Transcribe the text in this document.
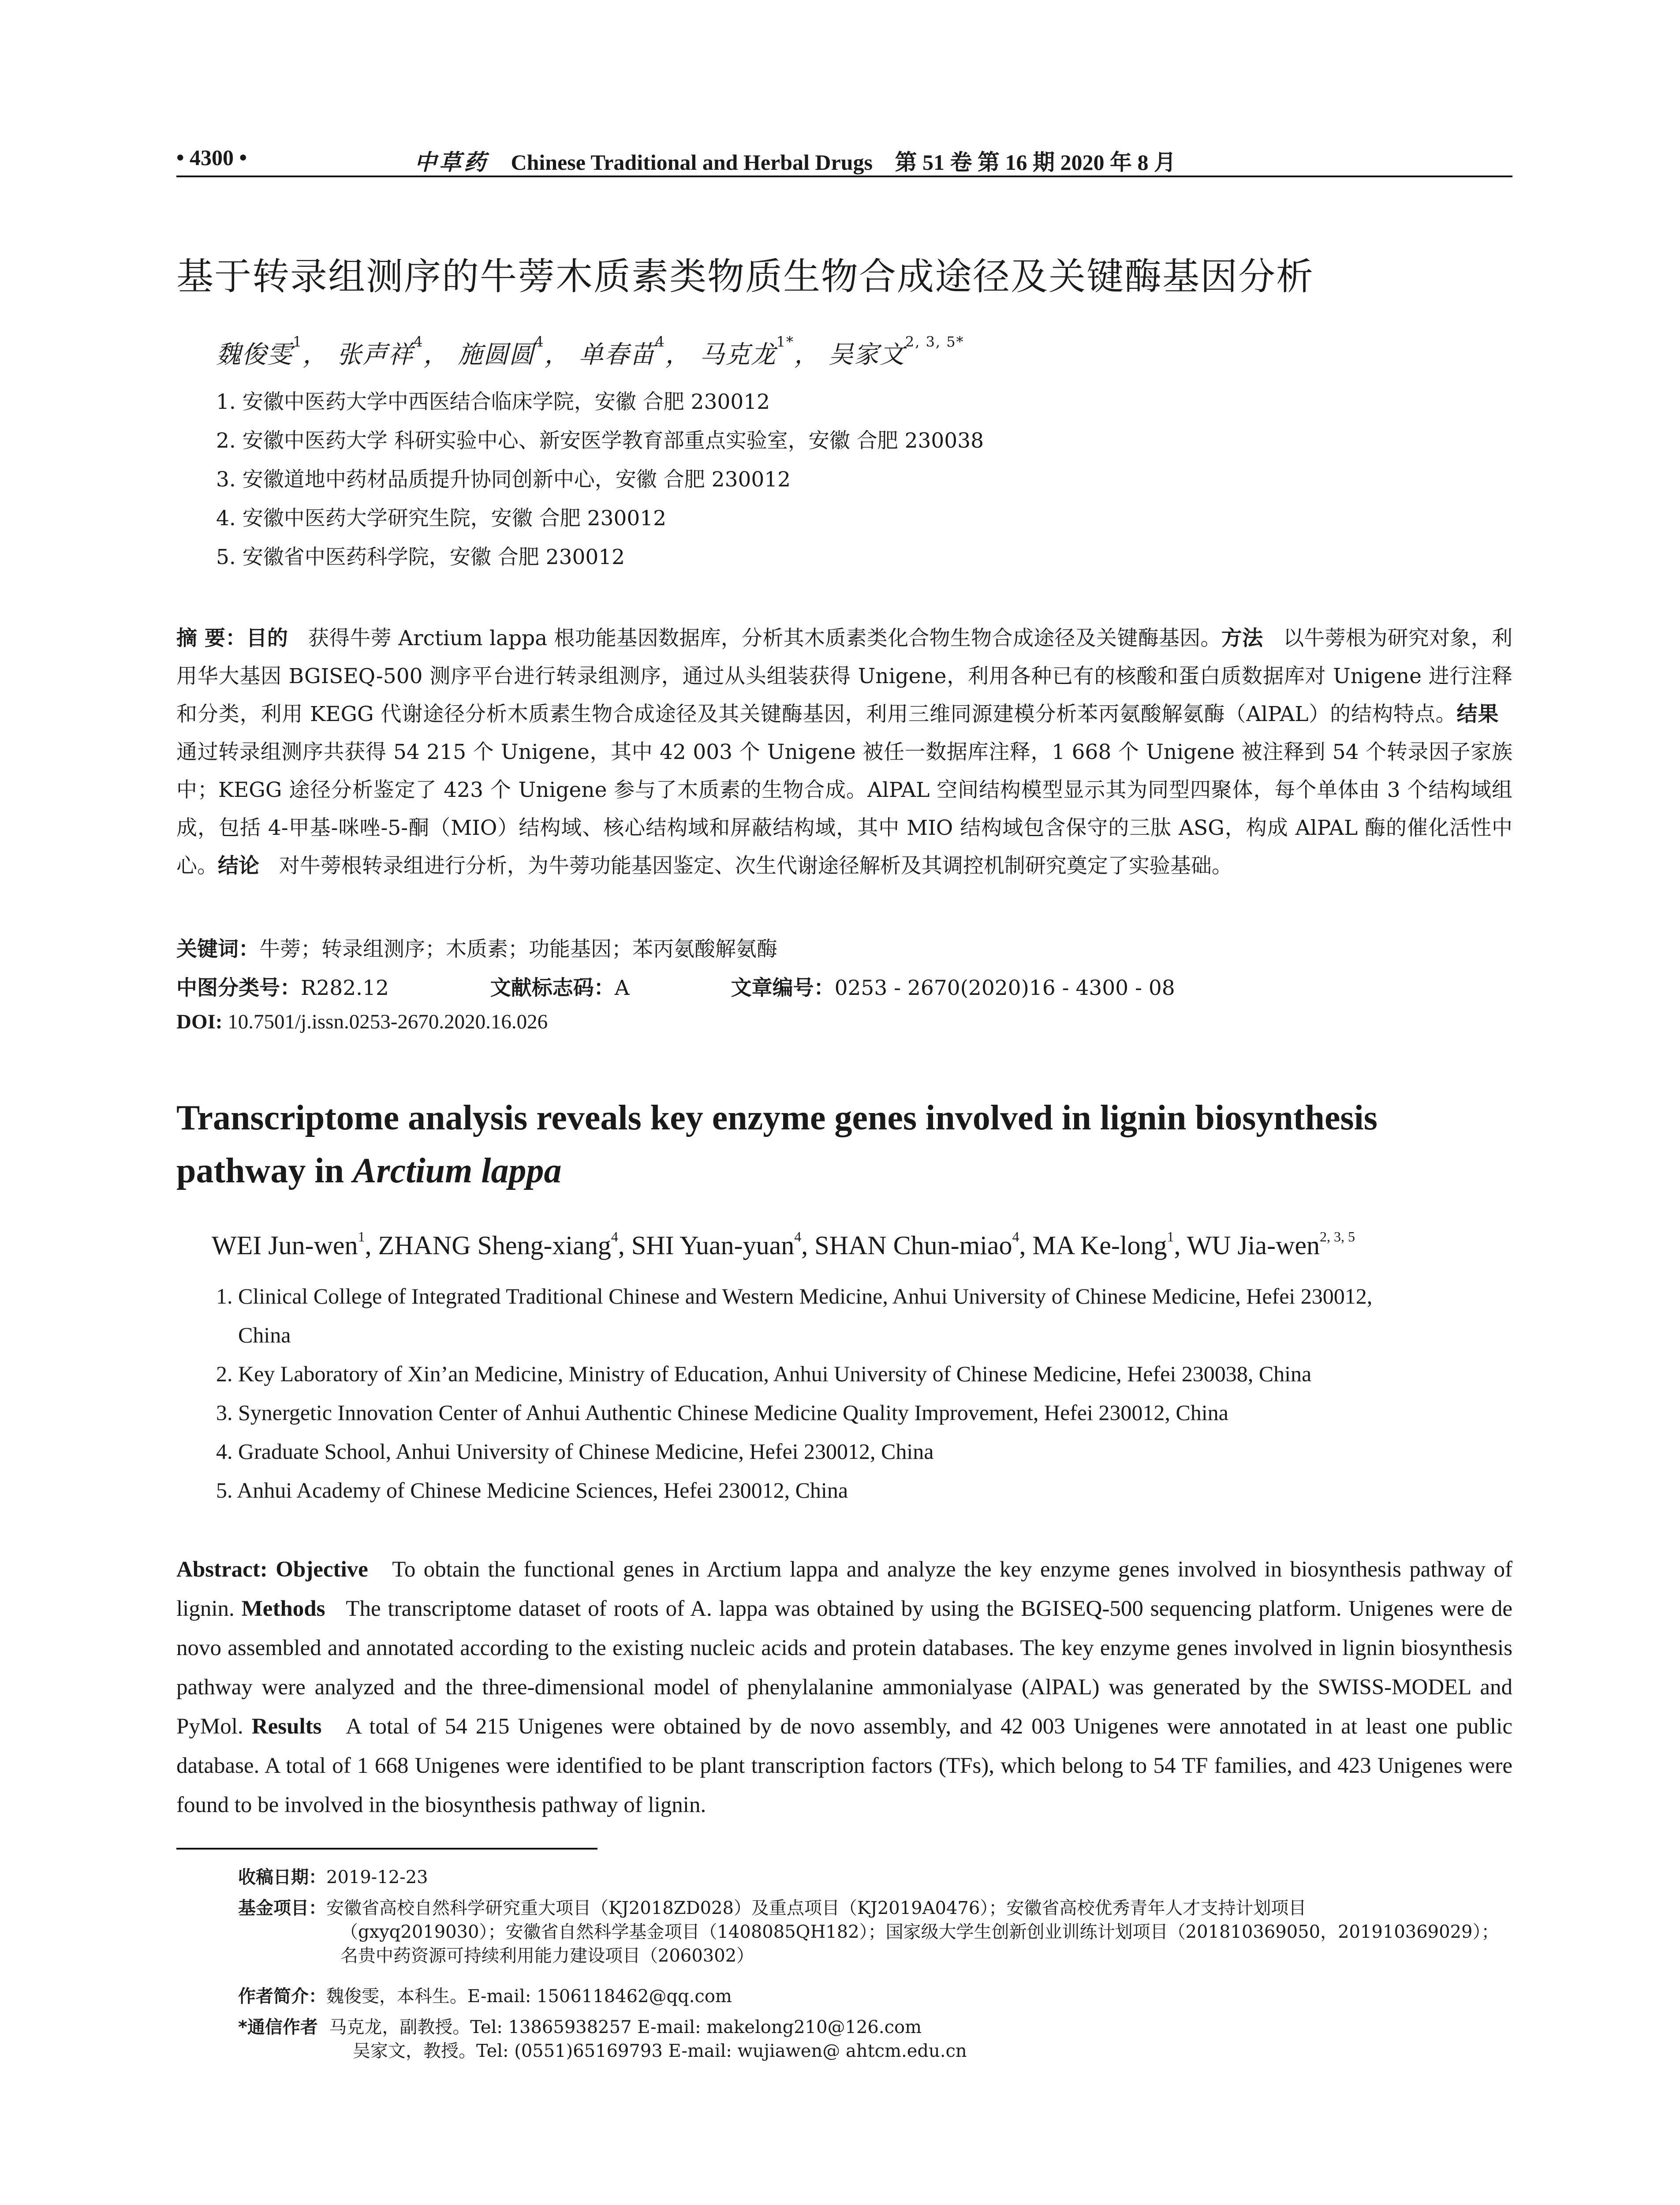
• 4300 •	中草药 Chinese Traditional and Herbal Drugs 第 51 卷 第 16 期 2020 年 8 月
基于转录组测序的牛蒡木质素类物质生物合成途径及关键酶基因分析
魏俊雯$^1$， 张声祥$^4$， 施圆圆$^4$， 单春苗$^4$， 马克龙$^{1*}$， 吴家文$^{2, 3, 5*}$
1. 安徽中医药大学中西医结合临床学院，安徽 合肥 230012
2. 安徽中医药大学 科研实验中心、新安医学教育部重点实验室，安徽 合肥 230038
3. 安徽道地中药材品质提升协同创新中心，安徽 合肥 230012
4. 安徽中医药大学研究生院，安徽 合肥 230012
5. 安徽省中医药科学院，安徽 合肥 230012
摘 要：目的 获得牛蒡 Arctium lappa 根功能基因数据库，分析其木质素类化合物生物合成途径及关键酶基因。方法 以牛蒡根为研究对象，利用华大基因 BGISEQ-500 测序平台进行转录组测序，通过从头组装获得 Unigene，利用各种已有的核酸和蛋白质数据库对 Unigene 进行注释和分类，利用 KEGG 代谢途径分析木质素生物合成途径及其关键酶基因，利用三维同源建模分析苯丙氨酸解氨酶（AlPAL）的结构特点。结果   通过转录组测序共获得 54 215 个 Unigene，其中 42 003 个 Unigene 被任一数据库注释，1 668 个 Unigene 被注释到 54 个转录因子家族中；KEGG 途径分析鉴定了 423 个 Unigene 参与了木质素的生物合成。AlPAL 空间结构模型显示其为同型四聚体，每个单体由 3 个结构域组成，包括 4-甲基-咪唑-5-酮（MIO）结构域、核心结构域和屏蔽结构域，其中 MIO 结构域包含保守的三肽 ASG，构成 AlPAL 酶的催化活性中心。结论 对牛蒡根转录组进行分析，为牛蒡功能基因鉴定、次生代谢途径解析及其调控机制研究奠定了实验基础。
关键词：牛蒡；转录组测序；木质素；功能基因；苯丙氨酸解氨酶
中图分类号：R282.12	文献标志码：A	文章编号：0253 - 2670(2020)16 - 4300 - 08
DOI: 10.7501/j.issn.0253-2670.2020.16.026
Transcriptome analysis reveals key enzyme genes involved in lignin biosynthesis
pathway in Arctium lappa
WEI Jun-wen$^1$, ZHANG Sheng-xiang$^4$, SHI Yuan-yuan$^4$, SHAN Chun-miao$^4$, MA Ke-long$^1$, WU Jia-wen$^{2, 3, 5}$
1. Clinical College of Integrated Traditional Chinese and Western Medicine, Anhui University of Chinese Medicine, Hefei 230012,
China
2. Key Laboratory of Xin’an Medicine, Ministry of Education, Anhui University of Chinese Medicine, Hefei 230038, China
3. Synergetic Innovation Center of Anhui Authentic Chinese Medicine Quality Improvement, Hefei 230012, China
4. Graduate School, Anhui University of Chinese Medicine, Hefei 230012, China
5. Anhui Academy of Chinese Medicine Sciences, Hefei 230012, China
Abstract: Objective To obtain the functional genes in Arctium lappa and analyze the key enzyme genes involved in biosynthesis pathway of lignin. Methods The transcriptome dataset of roots of A. lappa was obtained by using the BGISEQ-500 sequencing platform. Unigenes were de novo assembled and annotated according to the existing nucleic acids and protein databases. The key enzyme genes involved in lignin biosynthesis pathway were analyzed and the three-dimensional model of phenylalanine ammonialyase (AlPAL) was generated by the SWISS-MODEL and PyMol. Results A total of 54 215 Unigenes were obtained by de novo assembly, and 42 003 Unigenes were annotated in at least one public database. A total of 1 668 Unigenes were identified to be plant transcription factors (TFs), which belong to 54 TF families, and 423 Unigenes were found to be involved in the biosynthesis pathway of lignin.
收稿日期：2019-12-23
基金项目：安徽省高校自然科学研究重大项目（KJ2018ZD028）及重点项目（KJ2019A0476）；安徽省高校优秀青年人才支持计划项目
（gxyq2019030）；安徽省自然科学基金项目（1408085QH182）；国家级大学生创新创业训练计划项目（201810369050，201910369029）；
名贵中药资源可持续利用能力建设项目（2060302）
作者简介：魏俊雯，本科生。E-mail: 1506118462@qq.com
*通信作者 马克龙，副教授。Tel: 13865938257 E-mail: makelong210@126.com
吴家文，教授。Tel: (0551)65169793 E-mail: wujiawen@ ahtcm.edu.cn
